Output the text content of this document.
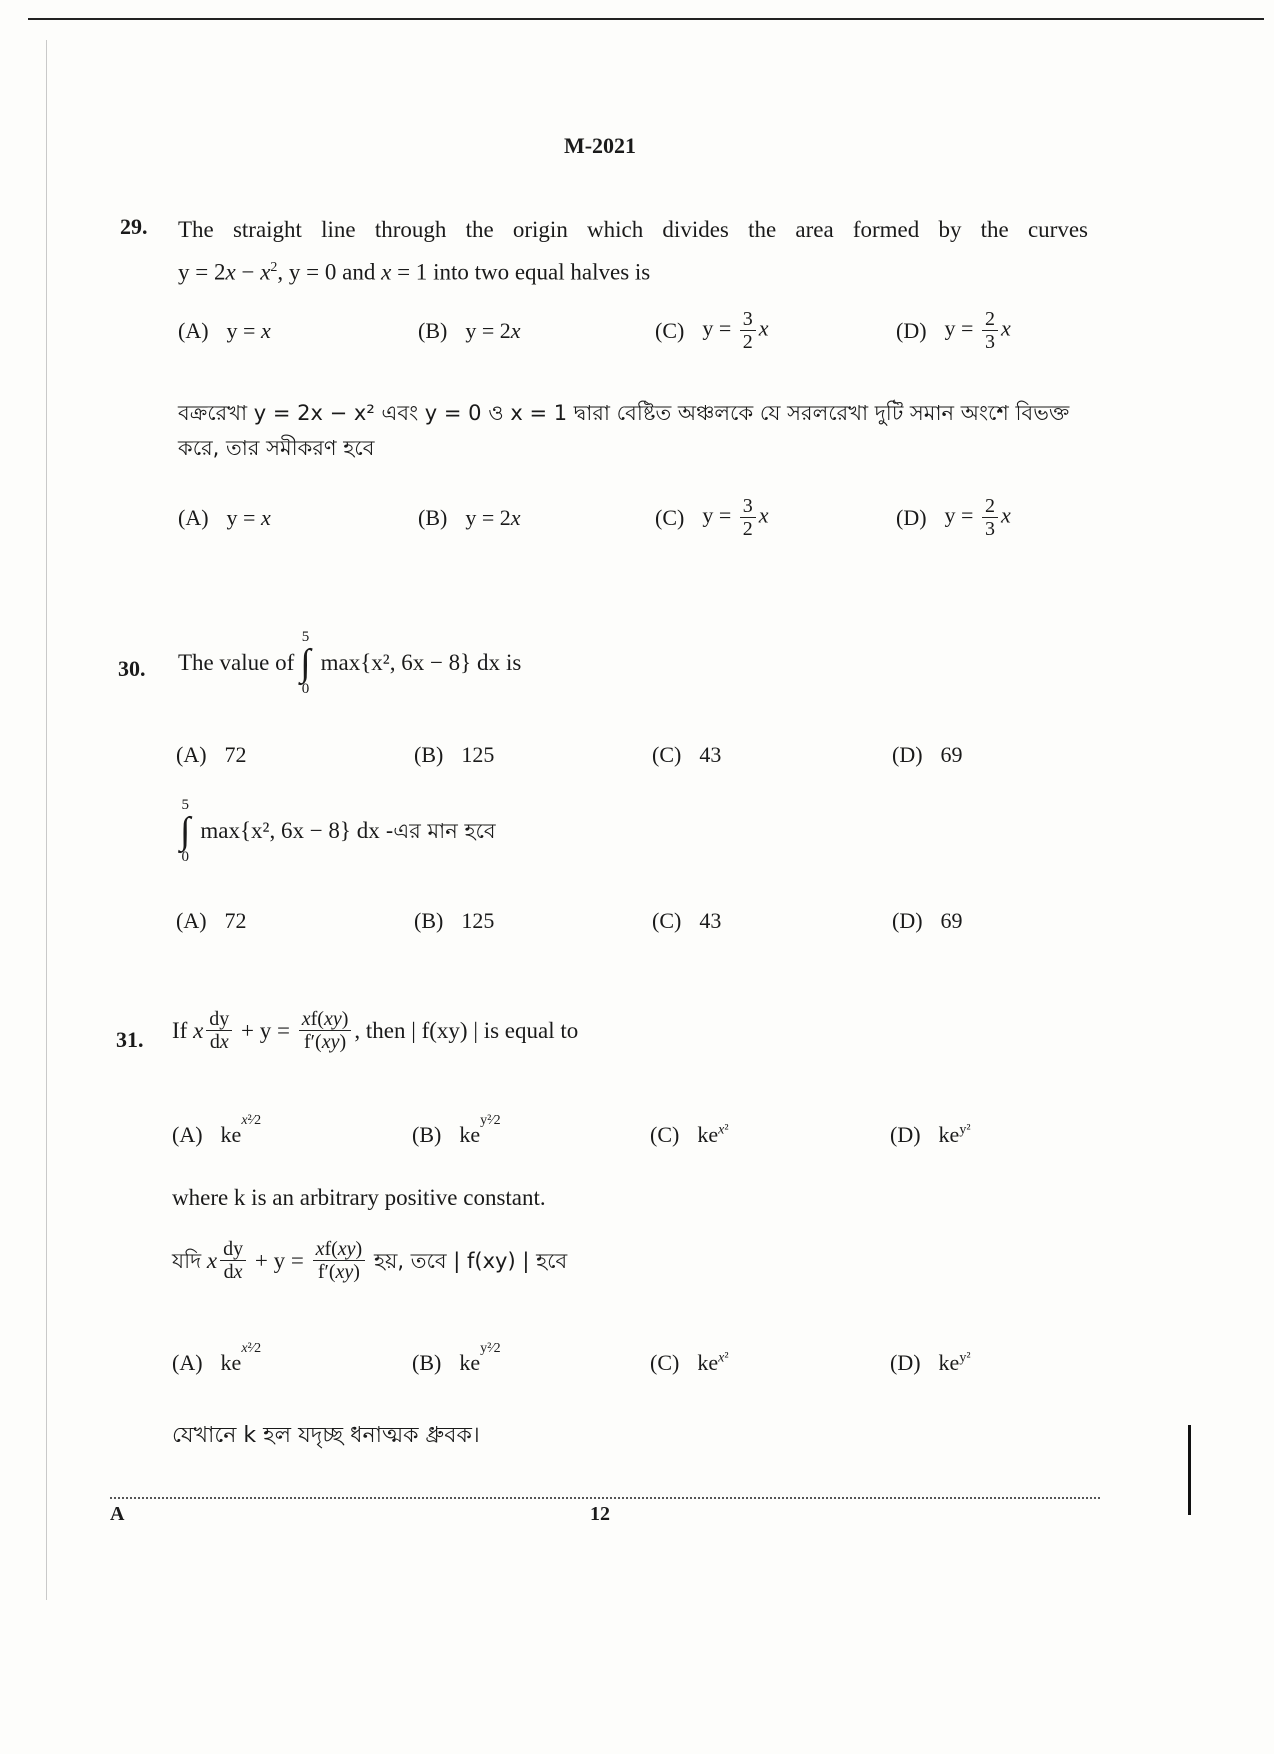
M-2021
29. The straight line through the origin which divides the area formed by the curves
$y = 2x - x^2$, y = 0 and x = 1 into two equal halves is
(A) y = x	(B) y = 2x	(C) $y = \frac{3}{2}$ x	(D) $y = \frac{2}{3}$ x
বক্ররেখা y = 2x − x² এবং y = 0 ও x = 1 দ্বারা বেষ্টিত অঞ্চলকে যে সরলরেখা দুটি সমান অংশে বিভক্ত
করে, তার সমীকরণ হবে
(A) y = x	(B) y = 2x	(C) $y = \frac{3}{2}$ x	(D) $y = \frac{2}{3}$ x
30. The value of
5
∫
0
max{x², 6x − 8} dx is
(A) 72	(B) 125	(C) 43	(D) 69
5
∫
0
max{x², 6x − 8} dx -এর মান হবে
(A) 72	(B) 125	(C) 43	(D) 69
31. If
x $\frac{dy}{dx} + y = \frac{xf(xy)}{f'(xy)}$ , then | f(xy) | is equal to
(A) $ke^{x^2⁄2}$
(B) $ke^{y^2⁄2}$
(C) $ke^{x^2}$	(D) $ke^{y^2}$
where k is an arbitrary positive constant.
যদি
x $\frac{dy}{dx} + y = \frac{xf(xy)}{f'(xy)}$
হয়, তবে | f(xy) | হবে
(A) $ke^{x^2⁄2}$
(B) $ke^{y^2⁄2}$
(C) $ke^{x^2}$	(D) $ke^{y^2}$
যেখানে k হল যদৃচ্ছ ধনাত্মক ধ্রুবক।
A	12
